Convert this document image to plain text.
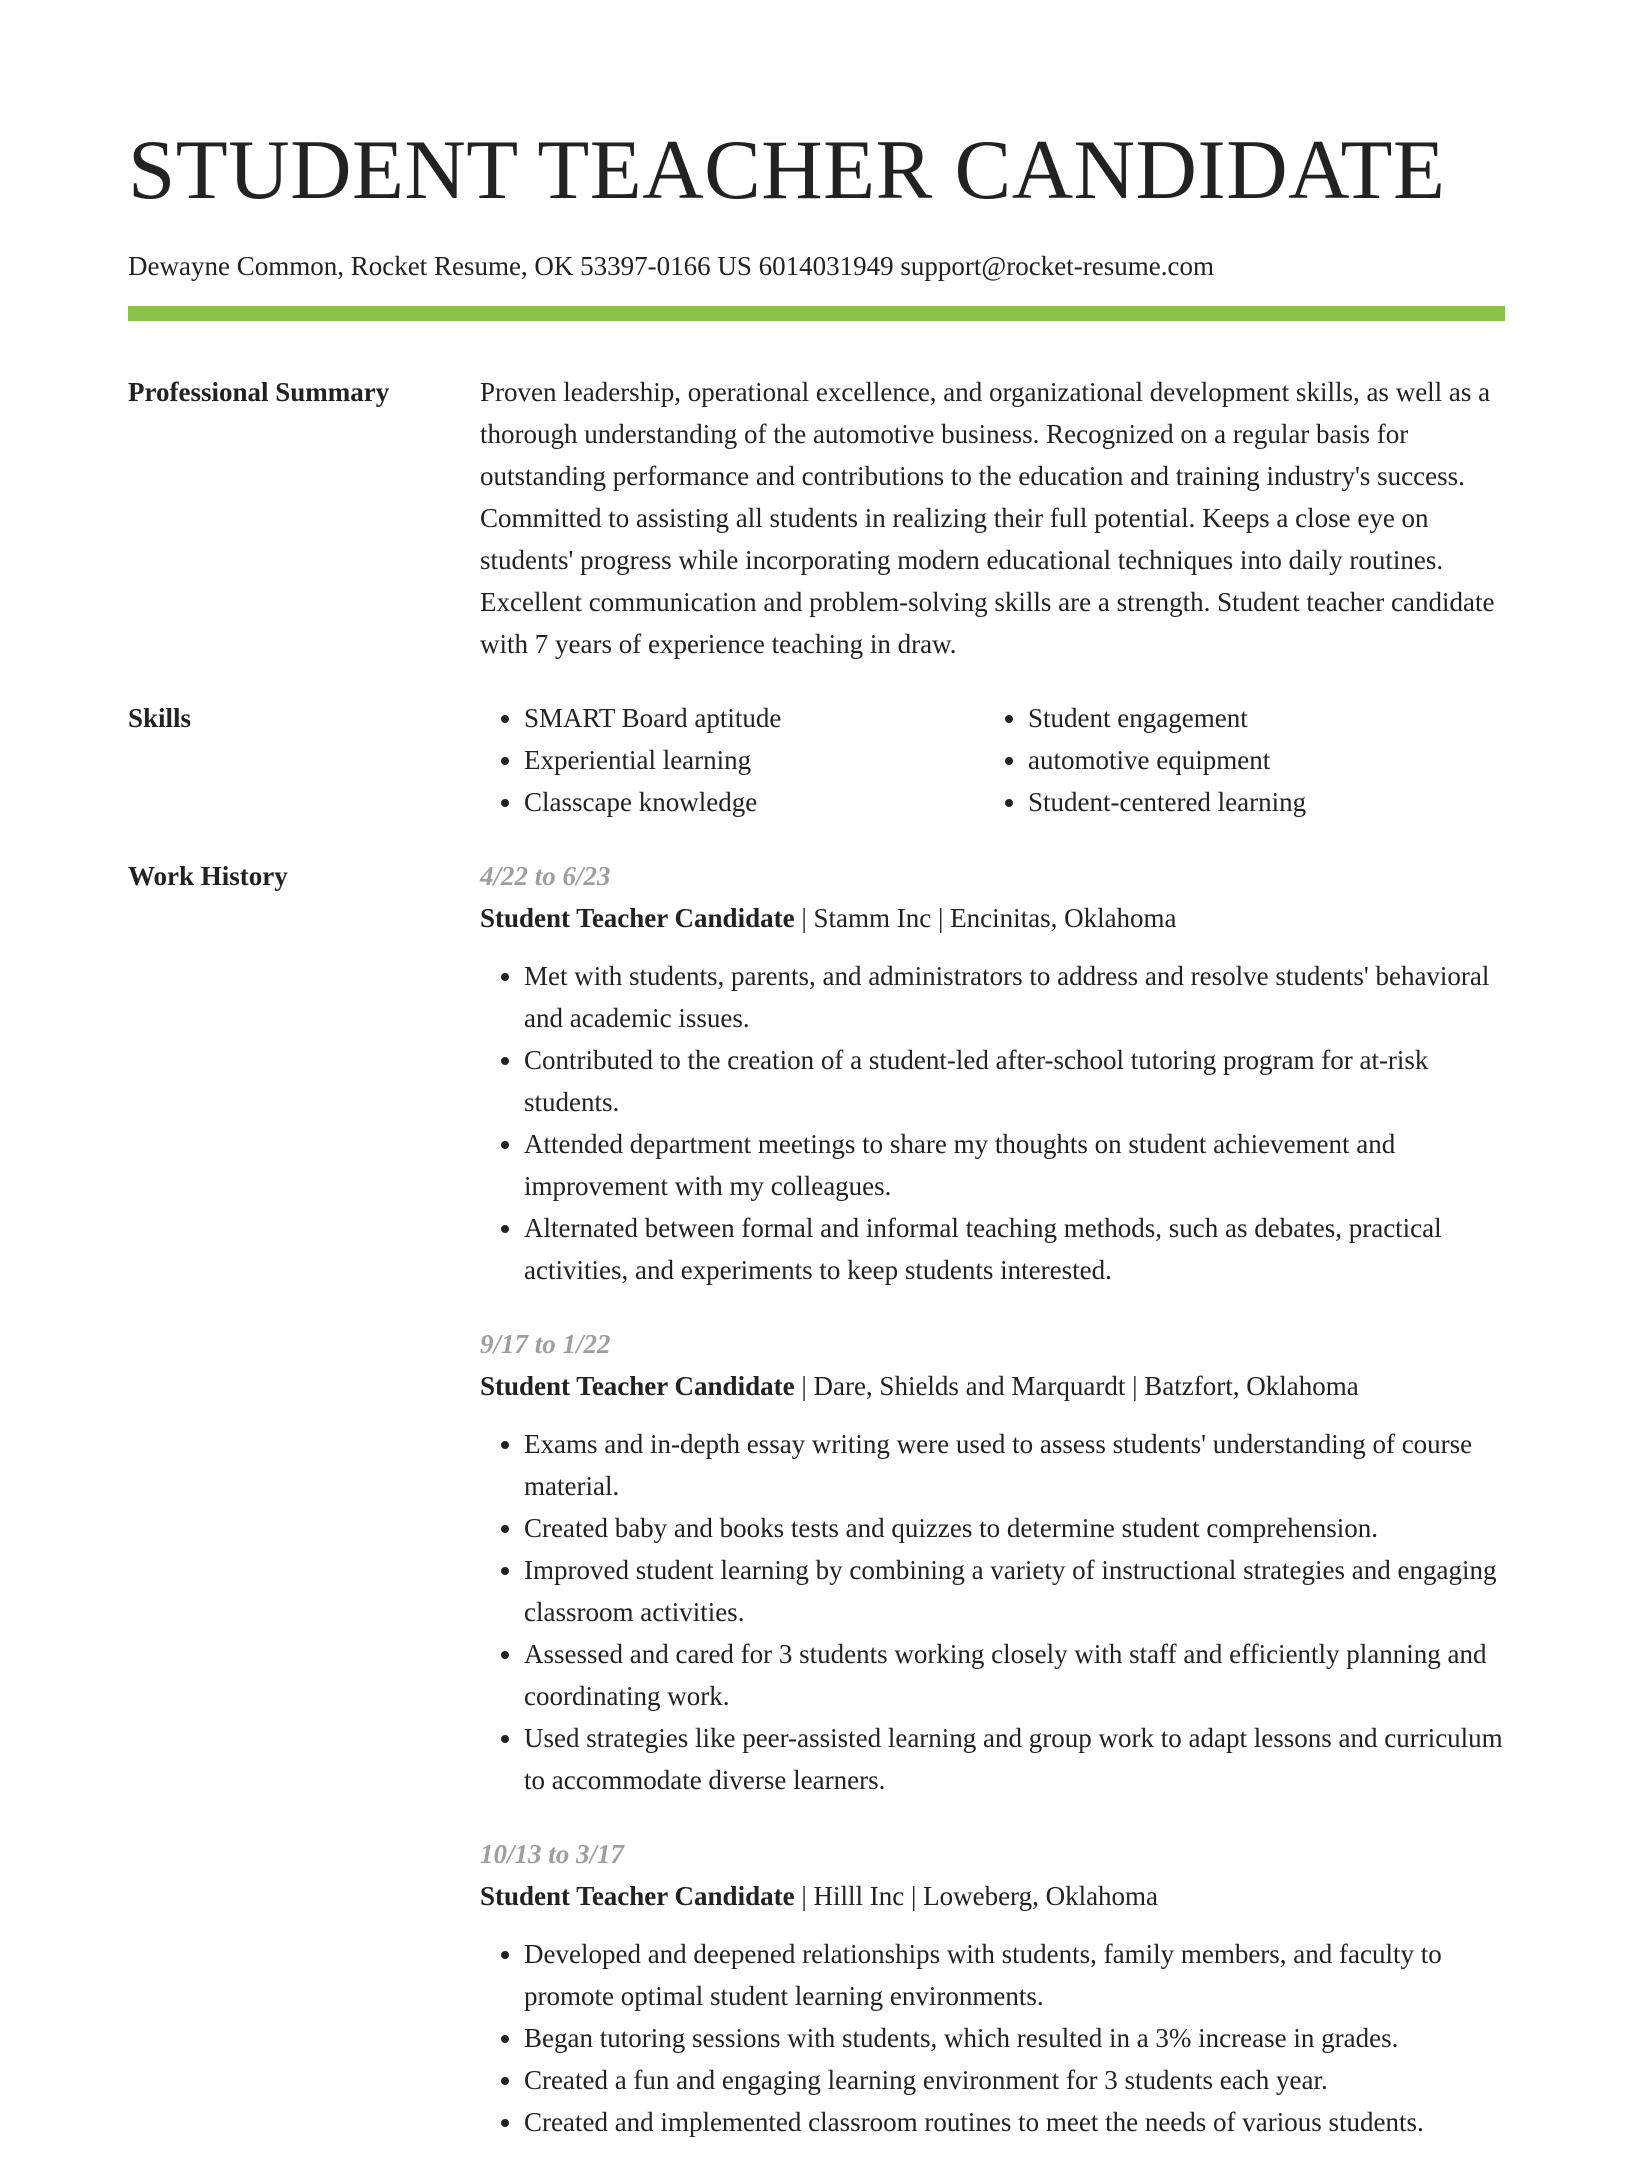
STUDENT TEACHER CANDIDATE
Dewayne Common, Rocket Resume, OK 53397-0166 US 6014031949 support@rocket-resume.com
Professional Summary	Proven leadership, operational excellence, and organizational development skills, as well as a thorough understanding of the automotive business. Recognized on a regular basis for outstanding performance and contributions to the education and training industry's success. Committed to assisting all students in realizing their full potential. Keeps a close eye on students' progress while incorporating modern educational techniques into daily routines. Excellent communication and problem-solving skills are a strength. Student teacher candidate with 7 years of experience teaching in draw.

Skills
•	SMART Board aptitude
• Experiential learning
• Classcape knowledge
• Student engagement
• automotive equipment
• Student-centered learning
Work History	4/22 to 6/23
Student Teacher Candidate | Stamm Inc | Encinitas, Oklahoma
• Met with students, parents, and administrators to address and resolve students' behavioral and academic issues.
• Contributed to the creation of a student-led after-school tutoring program for at-risk students.
• Attended department meetings to share my thoughts on student achievement and improvement with my colleagues.
• Alternated between formal and informal teaching methods, such as debates, practical activities, and experiments to keep students interested.
9/17 to 1/22
Student Teacher Candidate | Dare, Shields and Marquardt | Batzfort, Oklahoma
• Exams and in-depth essay writing were used to assess students' understanding of course material.
• Created baby and books tests and quizzes to determine student comprehension.
• Improved student learning by combining a variety of instructional strategies and engaging classroom activities.
• Assessed and cared for 3 students working closely with staff and efficiently planning and coordinating work.
• Used strategies like peer-assisted learning and group work to adapt lessons and curriculum to accommodate diverse learners.
10/13 to 3/17
Student Teacher Candidate | Hilll Inc | Loweberg, Oklahoma
• Developed and deepened relationships with students, family members, and faculty to promote optimal student learning environments.
• Began tutoring sessions with students, which resulted in a 3% increase in grades.
• Created a fun and engaging learning environment for 3 students each year.
• Created and implemented classroom routines to meet the needs of various students.
